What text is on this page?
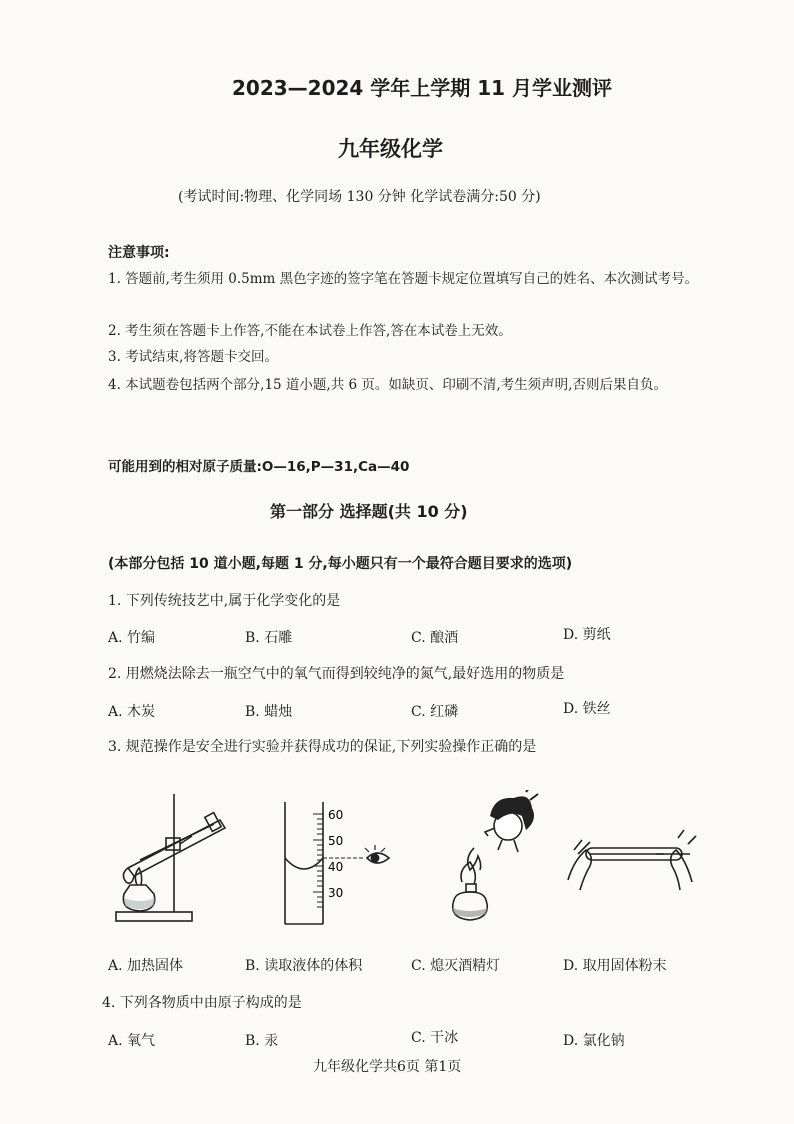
2023—2024 学年上学期 11 月学业测评
九年级化学
(考试时间:物理、化学同场 130 分钟 化学试卷满分:50 分)
注意事项:
1. 答题前,考生须用 0.5mm 黑色字迹的签字笔在答题卡规定位置填写自己的姓名、本次测试考号。
2. 考生须在答题卡上作答,不能在本试卷上作答,答在本试卷上无效。
3. 考试结束,将答题卡交回。
4. 本试题卷包括两个部分,15 道小题,共 6 页。如缺页、印刷不清,考生须声明,否则后果自负。
可能用到的相对原子质量:O—16,P—31,Ca—40
第一部分 选择题(共 10 分)
(本部分包括 10 道小题,每题 1 分,每小题只有一个最符合题目要求的选项)
1. 下列传统技艺中,属于化学变化的是
A. 竹编	B. 石雕	C. 酿酒	D. 剪纸
2. 用燃烧法除去一瓶空气中的氧气而得到较纯净的氮气,最好选用的物质是
A. 木炭	B. 蜡烛	C. 红磷	D. 铁丝
3. 规范操作是安全进行实验并获得成功的保证,下列实验操作正确的是
60
50
40
30
A. 加热固体	B. 读取液体的体积	C. 熄灭酒精灯	D. 取用固体粉末
4. 下列各物质中由原子构成的是
A. 氧气	B. 汞	C. 干冰	D. 氯化钠
九年级化学共6页 第1页
